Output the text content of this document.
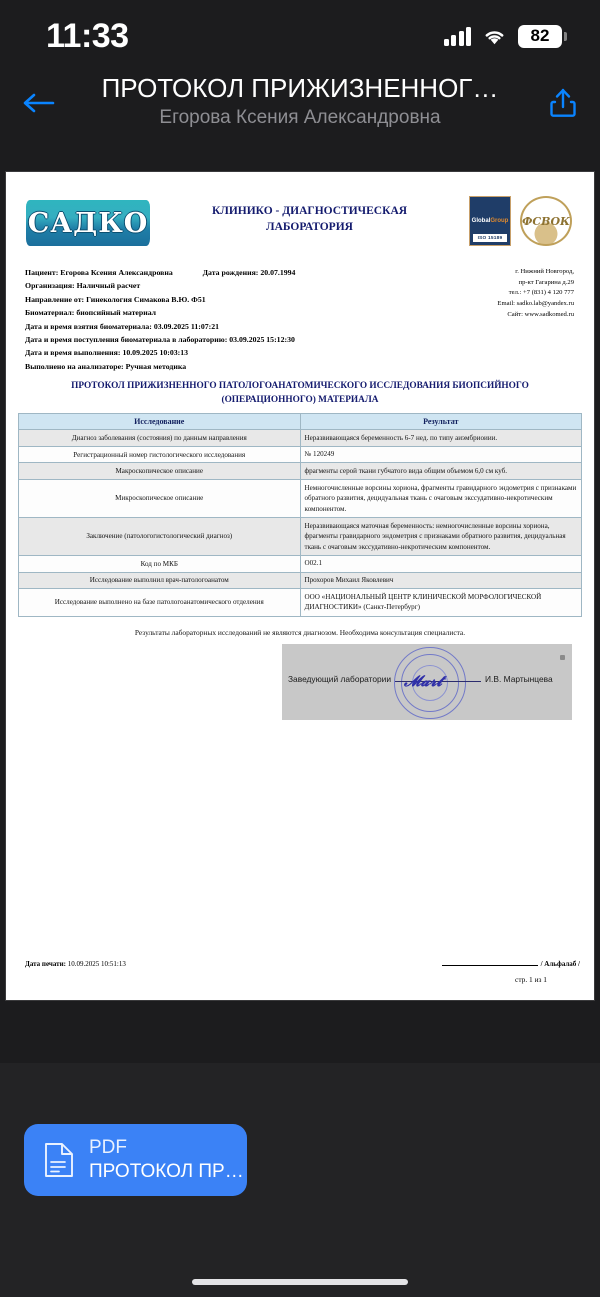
11:33	82
ПРОТОКОЛ ПРИЖИЗНЕННОГ…
Егорова Ксения Александровна
САДКО	КЛИНИКО - ДИАГНОСТИЧЕСКАЯ
ЛАБОРАТОРИЯ	GlobalGroup
ISO 15189
ФСВОК
Пациент: Егорова Ксения Александровна	Дата рождения: 20.07.1994
Организация: Наличный расчет
Направление от: Гинекология Симакова В.Ю. Ф51
Биоматериал: биопсийный материал
Дата и время взятия биоматериала: 03.09.2025 11:07:21
Дата и время поступления биоматериала в лабораторию: 03.09.2025 15:12:30
Дата и время выполнения: 10.09.2025 10:03:13
Выполнено на анализаторе: Ручная методика
г. Нижний Новгород,
пр-кт Гагарина д.29
тел.: +7 (831) 4 120 777
Email: sadko.lab@yandex.ru
Сайт: www.sadkomed.ru
ПРОТОКОЛ ПРИЖИЗНЕННОГО ПАТОЛОГОАНАТОМИЧЕСКОГО ИССЛЕДОВАНИЯ БИОПСИЙНОГО
(ОПЕРАЦИОННОГО) МАТЕРИАЛА
Исследование	Результат
Диагноз заболевания (состояния) по данным направления	Неразвивающаяся беременность 6-7 нед. по типу аиэмбриоиии.
Регистрационный номер гистологического исследования	№ 120249
Макроскопическое описание	фрагменты серой ткани губчатого вида общим объемом 6,0 см куб.
Микроскопическое описание	Немногочисленные ворсины хориона, фрагменты гравидарного эндометрия с признаками обратного развития, децидуальная ткань с очаговым экссудативно-некротическим компонентом.
Заключение (патологогистологический диагноз)	Неразвивающаяся маточная беременность: немногочисленные ворсины хориона, фрагменты гравидарного эндометрия с признаками обратного развития, децидуальная ткань с очаговым экссудативно-некротическим компонентом.
Код по МКБ	О02.1
Исследование выполнил врач-патологоанатом	Прохоров Михаил Яковлевич
Исследование выполнено на базе патологоанатомического отделения	ООО «НАЦИОНАЛЬНЫЙ ЦЕНТР КЛИНИЧЕСКОЙ МОРФОЛОГИЧЕСКОЙ ДИАГНОСТИКИ» (Санкт-Петербург)
Результаты лабораторных исследований не являются диагнозом. Необходима консультация специалиста.
Заведующий лаборатории	И.В. Мартынцева
𝓜𝓪𝓻𝓽
Дата печати: 10.09.2025 10:51:13	/ Альфалаб /
стр. 1 из 1
PDF
ПРОТОКОЛ ПР…
